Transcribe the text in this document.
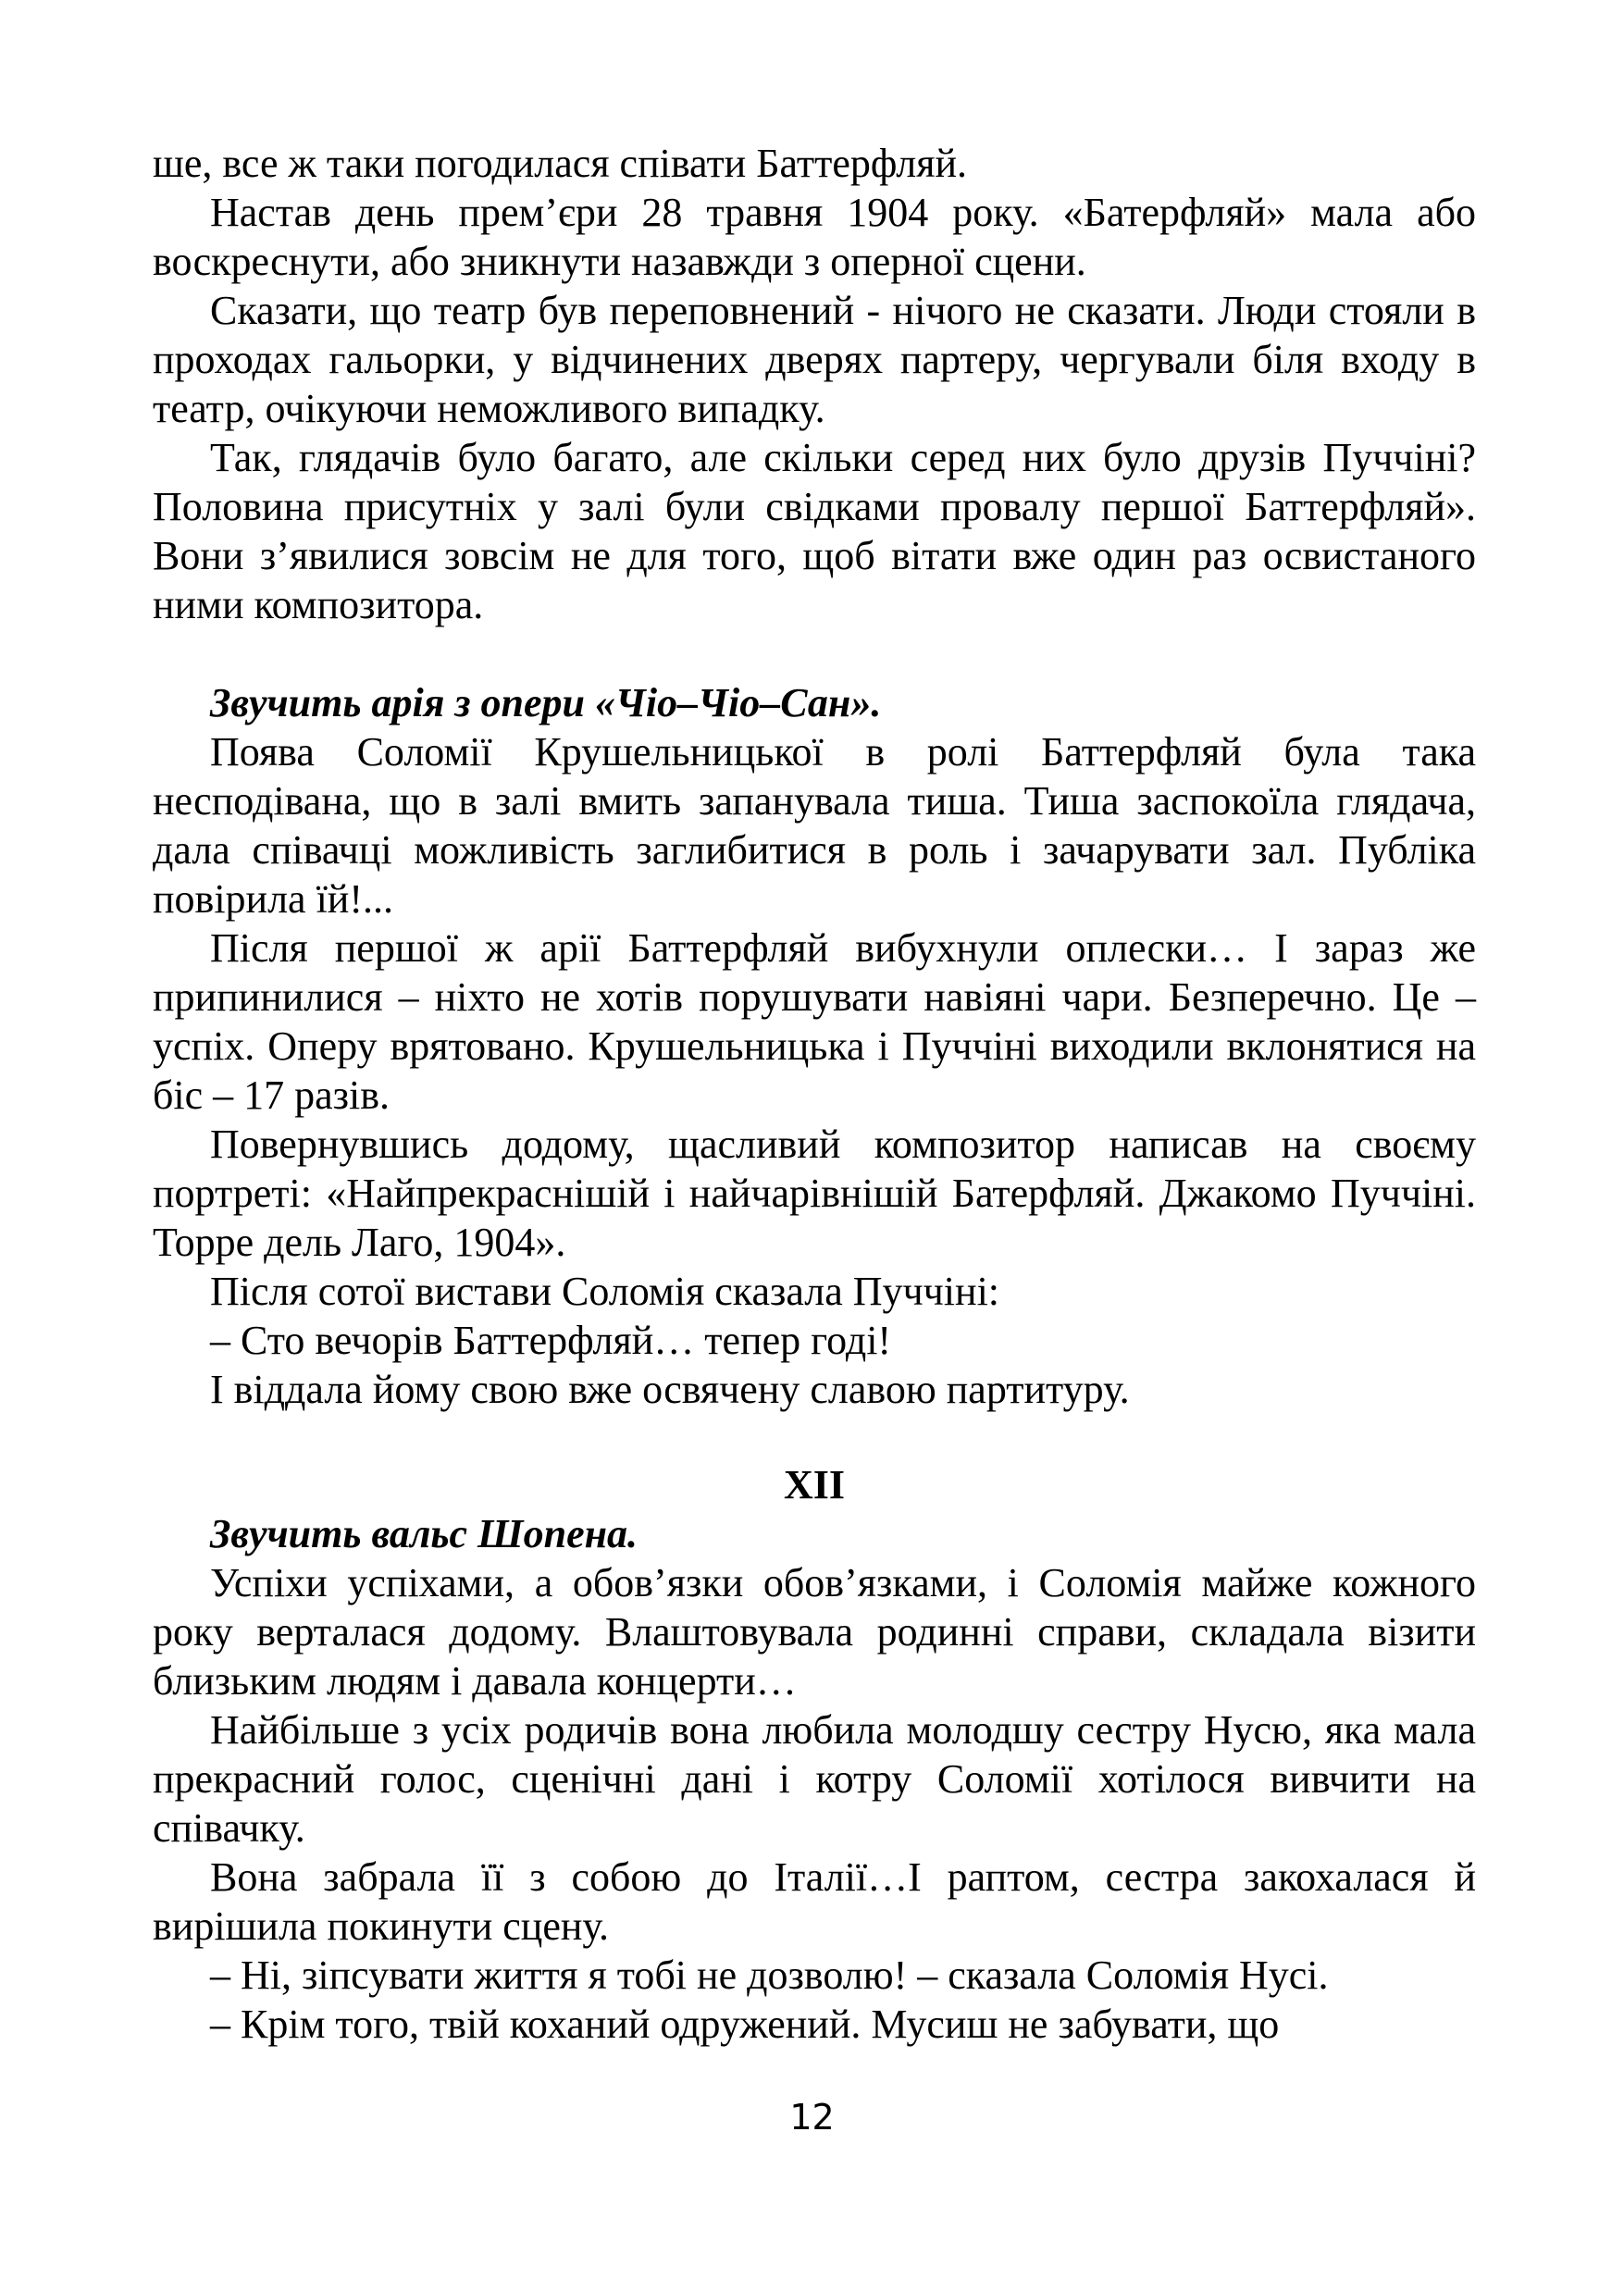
ше, все ж таки погодилася співати Баттерфляй.

Настав день прем’єри 28 травня 1904 року. «Батерфляй» мала або воскреснути, або зникнути назавжди з оперної сцени.

Сказати, що театр був переповнений - нічого не сказати. Люди стояли в проходах гальорки, у відчинених дверях партеру, чергували біля входу в театр, очікуючи неможливого випадку.

Так, глядачів було багато, але скільки серед них було друзів Пуччіні? Половина присутніх у залі були свідками провалу першої Баттерфляй». Вони з’явилися зовсім не для того, щоб вітати вже один раз освистаного ними композитора.

Звучить арія з опери «Чіо–Чіо–Сан».

Поява Соломії Крушельницької в ролі Баттерфляй була така несподівана, що в залі вмить запанувала тиша. Тиша заспокоїла глядача, дала співачці можливість заглибитися в роль і зачарувати зал. Публіка повірила їй!...

Після першої ж арії Баттерфляй вибухнули оплески… І зараз же припинилися – ніхто не хотів порушувати навіяні чари. Безперечно. Це – успіх. Оперу врятовано. Крушельницька і Пуччіні виходили вклонятися на біс – 17 разів.

Повернувшись додому, щасливий композитор написав на своєму портреті: «Найпрекраснішій і найчарівнішій Батерфляй. Джакомо Пуччіні. Торре дель Лаго, 1904».

Після сотої вистави Соломія сказала Пуччіні:

– Сто вечорів Баттерфляй… тепер годі!

І віддала йому свою вже освячену славою партитуру.

XII

Звучить вальс Шопена.

Успіхи успіхами, а обов’язки обов’язками, і Соломія майже кожного року верталася додому. Влаштовувала родинні справи, складала візити близьким людям і давала концерти…

Найбільше з усіх родичів вона любила молодшу сестру Нусю, яка мала прекрасний голос, сценічні дані і котру Соломії хотілося вивчити на співачку.

Вона забрала її з собою до Італії…І раптом, сестра закохалася й вирішила покинути сцену.

– Ні, зіпсувати життя я тобі не дозволю! – сказала Соломія Нусі.

– Крім того, твій коханий одружений. Мусиш не забувати, що

12
